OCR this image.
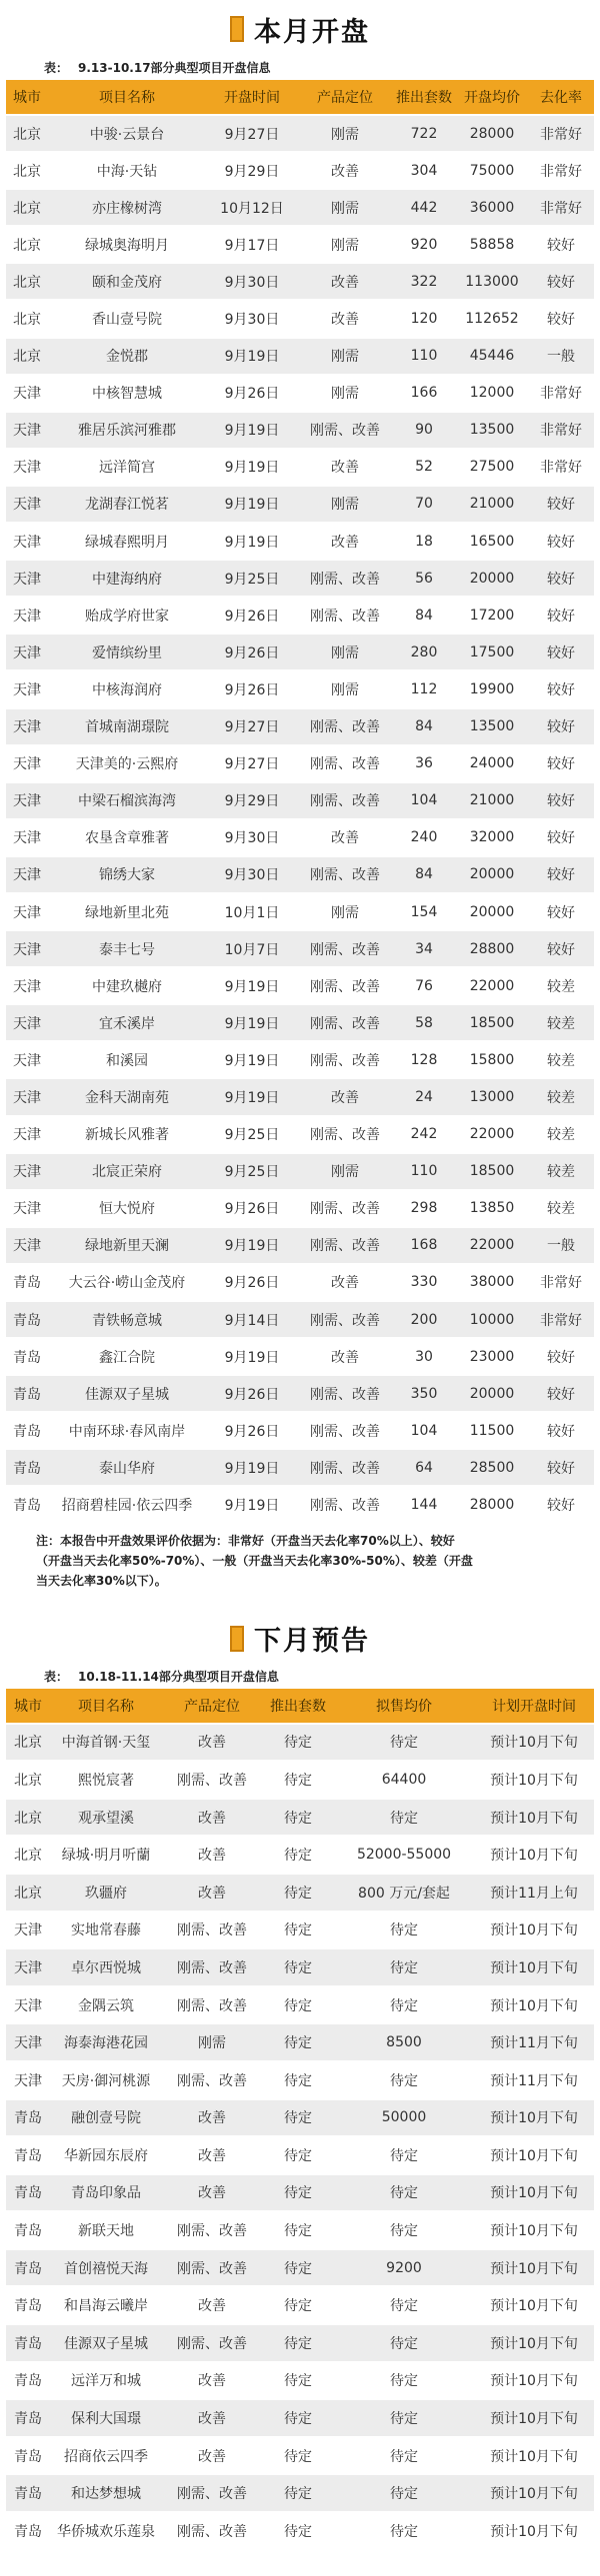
本月开盘
表： 9.13-10.17部分典型项目开盘信息
城市	项目名称	开盘时间	产品定位	推出套数	开盘均价	去化率
北京	中骏·云景台	9月27日	刚需	722	28000	非常好
北京	中海·天钻	9月29日	改善	304	75000	非常好
北京	亦庄橡树湾	10月12日	刚需	442	36000	非常好
北京	绿城奥海明月	9月17日	刚需	920	58858	较好
北京	颐和金茂府	9月30日	改善	322	113000	较好
北京	香山壹号院	9月30日	改善	120	112652	较好
北京	金悦郡	9月19日	刚需	110	45446	一般
天津	中核智慧城	9月26日	刚需	166	12000	非常好
天津	雅居乐滨河雅郡	9月19日	刚需、改善	90	13500	非常好
天津	远洋简宫	9月19日	改善	52	27500	非常好
天津	龙湖春江悦茗	9月19日	刚需	70	21000	较好
天津	绿城春熙明月	9月19日	改善	18	16500	较好
天津	中建海纳府	9月25日	刚需、改善	56	20000	较好
天津	贻成学府世家	9月26日	刚需、改善	84	17200	较好
天津	爱情缤纷里	9月26日	刚需	280	17500	较好
天津	中核海润府	9月26日	刚需	112	19900	较好
天津	首城南湖璟院	9月27日	刚需、改善	84	13500	较好
天津	天津美的·云熙府	9月27日	刚需、改善	36	24000	较好
天津	中梁石榴滨海湾	9月29日	刚需、改善	104	21000	较好
天津	农垦含章雅著	9月30日	改善	240	32000	较好
天津	锦绣大家	9月30日	刚需、改善	84	20000	较好
天津	绿地新里北苑	10月1日	刚需	154	20000	较好
天津	泰丰七号	10月7日	刚需、改善	34	28800	较好
天津	中建玖樾府	9月19日	刚需、改善	76	22000	较差
天津	宜禾溪岸	9月19日	刚需、改善	58	18500	较差
天津	和溪园	9月19日	刚需、改善	128	15800	较差
天津	金科天湖南苑	9月19日	改善	24	13000	较差
天津	新城长风雅著	9月25日	刚需、改善	242	22000	较差
天津	北宸正荣府	9月25日	刚需	110	18500	较差
天津	恒大悦府	9月26日	刚需、改善	298	13850	较差
天津	绿地新里天澜	9月19日	刚需、改善	168	22000	一般
青岛	大云谷·崂山金茂府	9月26日	改善	330	38000	非常好
青岛	青铁畅意城	9月14日	刚需、改善	200	10000	非常好
青岛	鑫江合院	9月19日	改善	30	23000	较好
青岛	佳源双子星城	9月26日	刚需、改善	350	20000	较好
青岛	中南环球·春风南岸	9月26日	刚需、改善	104	11500	较好
青岛	泰山华府	9月19日	刚需、改善	64	28500	较好
青岛	招商碧桂园·依云四季	9月19日	刚需、改善	144	28000	较好
注：本报告中开盘效果评价依据为：非常好（开盘当天去化率70%以上）、较好
（开盘当天去化率50%-70%）、一般（开盘当天去化率30%-50%）、较差（开盘
当天去化率30%以下）。
下月预告
表： 10.18-11.14部分典型项目开盘信息
城市	项目名称	产品定位	推出套数	拟售均价	计划开盘时间
北京	中海首钢·天玺	改善	待定	待定	预计10月下旬
北京	熙悦宸著	刚需、改善	待定	64400	预计10月下旬
北京	观承望溪	改善	待定	待定	预计10月下旬
北京	绿城·明月听蘭	改善	待定	52000-55000	预计10月下旬
北京	玖疆府	改善	待定	800 万元/套起	预计11月上旬
天津	实地常春藤	刚需、改善	待定	待定	预计10月下旬
天津	卓尔西悦城	刚需、改善	待定	待定	预计10月下旬
天津	金隅云筑	刚需、改善	待定	待定	预计10月下旬
天津	海泰海港花园	刚需	待定	8500	预计11月下旬
天津	天房·御河桃源	刚需、改善	待定	待定	预计11月下旬
青岛	融创壹号院	改善	待定	50000	预计10月下旬
青岛	华新园东辰府	改善	待定	待定	预计10月下旬
青岛	青岛印象品	改善	待定	待定	预计10月下旬
青岛	新联天地	刚需、改善	待定	待定	预计10月下旬
青岛	首创禧悦天海	刚需、改善	待定	9200	预计10月下旬
青岛	和昌海云曦岸	改善	待定	待定	预计10月下旬
青岛	佳源双子星城	刚需、改善	待定	待定	预计10月下旬
青岛	远洋万和城	改善	待定	待定	预计10月下旬
青岛	保利大国璟	改善	待定	待定	预计10月下旬
青岛	招商依云四季	改善	待定	待定	预计10月下旬
青岛	和达梦想城	刚需、改善	待定	待定	预计10月下旬
青岛	华侨城欢乐莲泉	刚需、改善	待定	待定	预计10月下旬
